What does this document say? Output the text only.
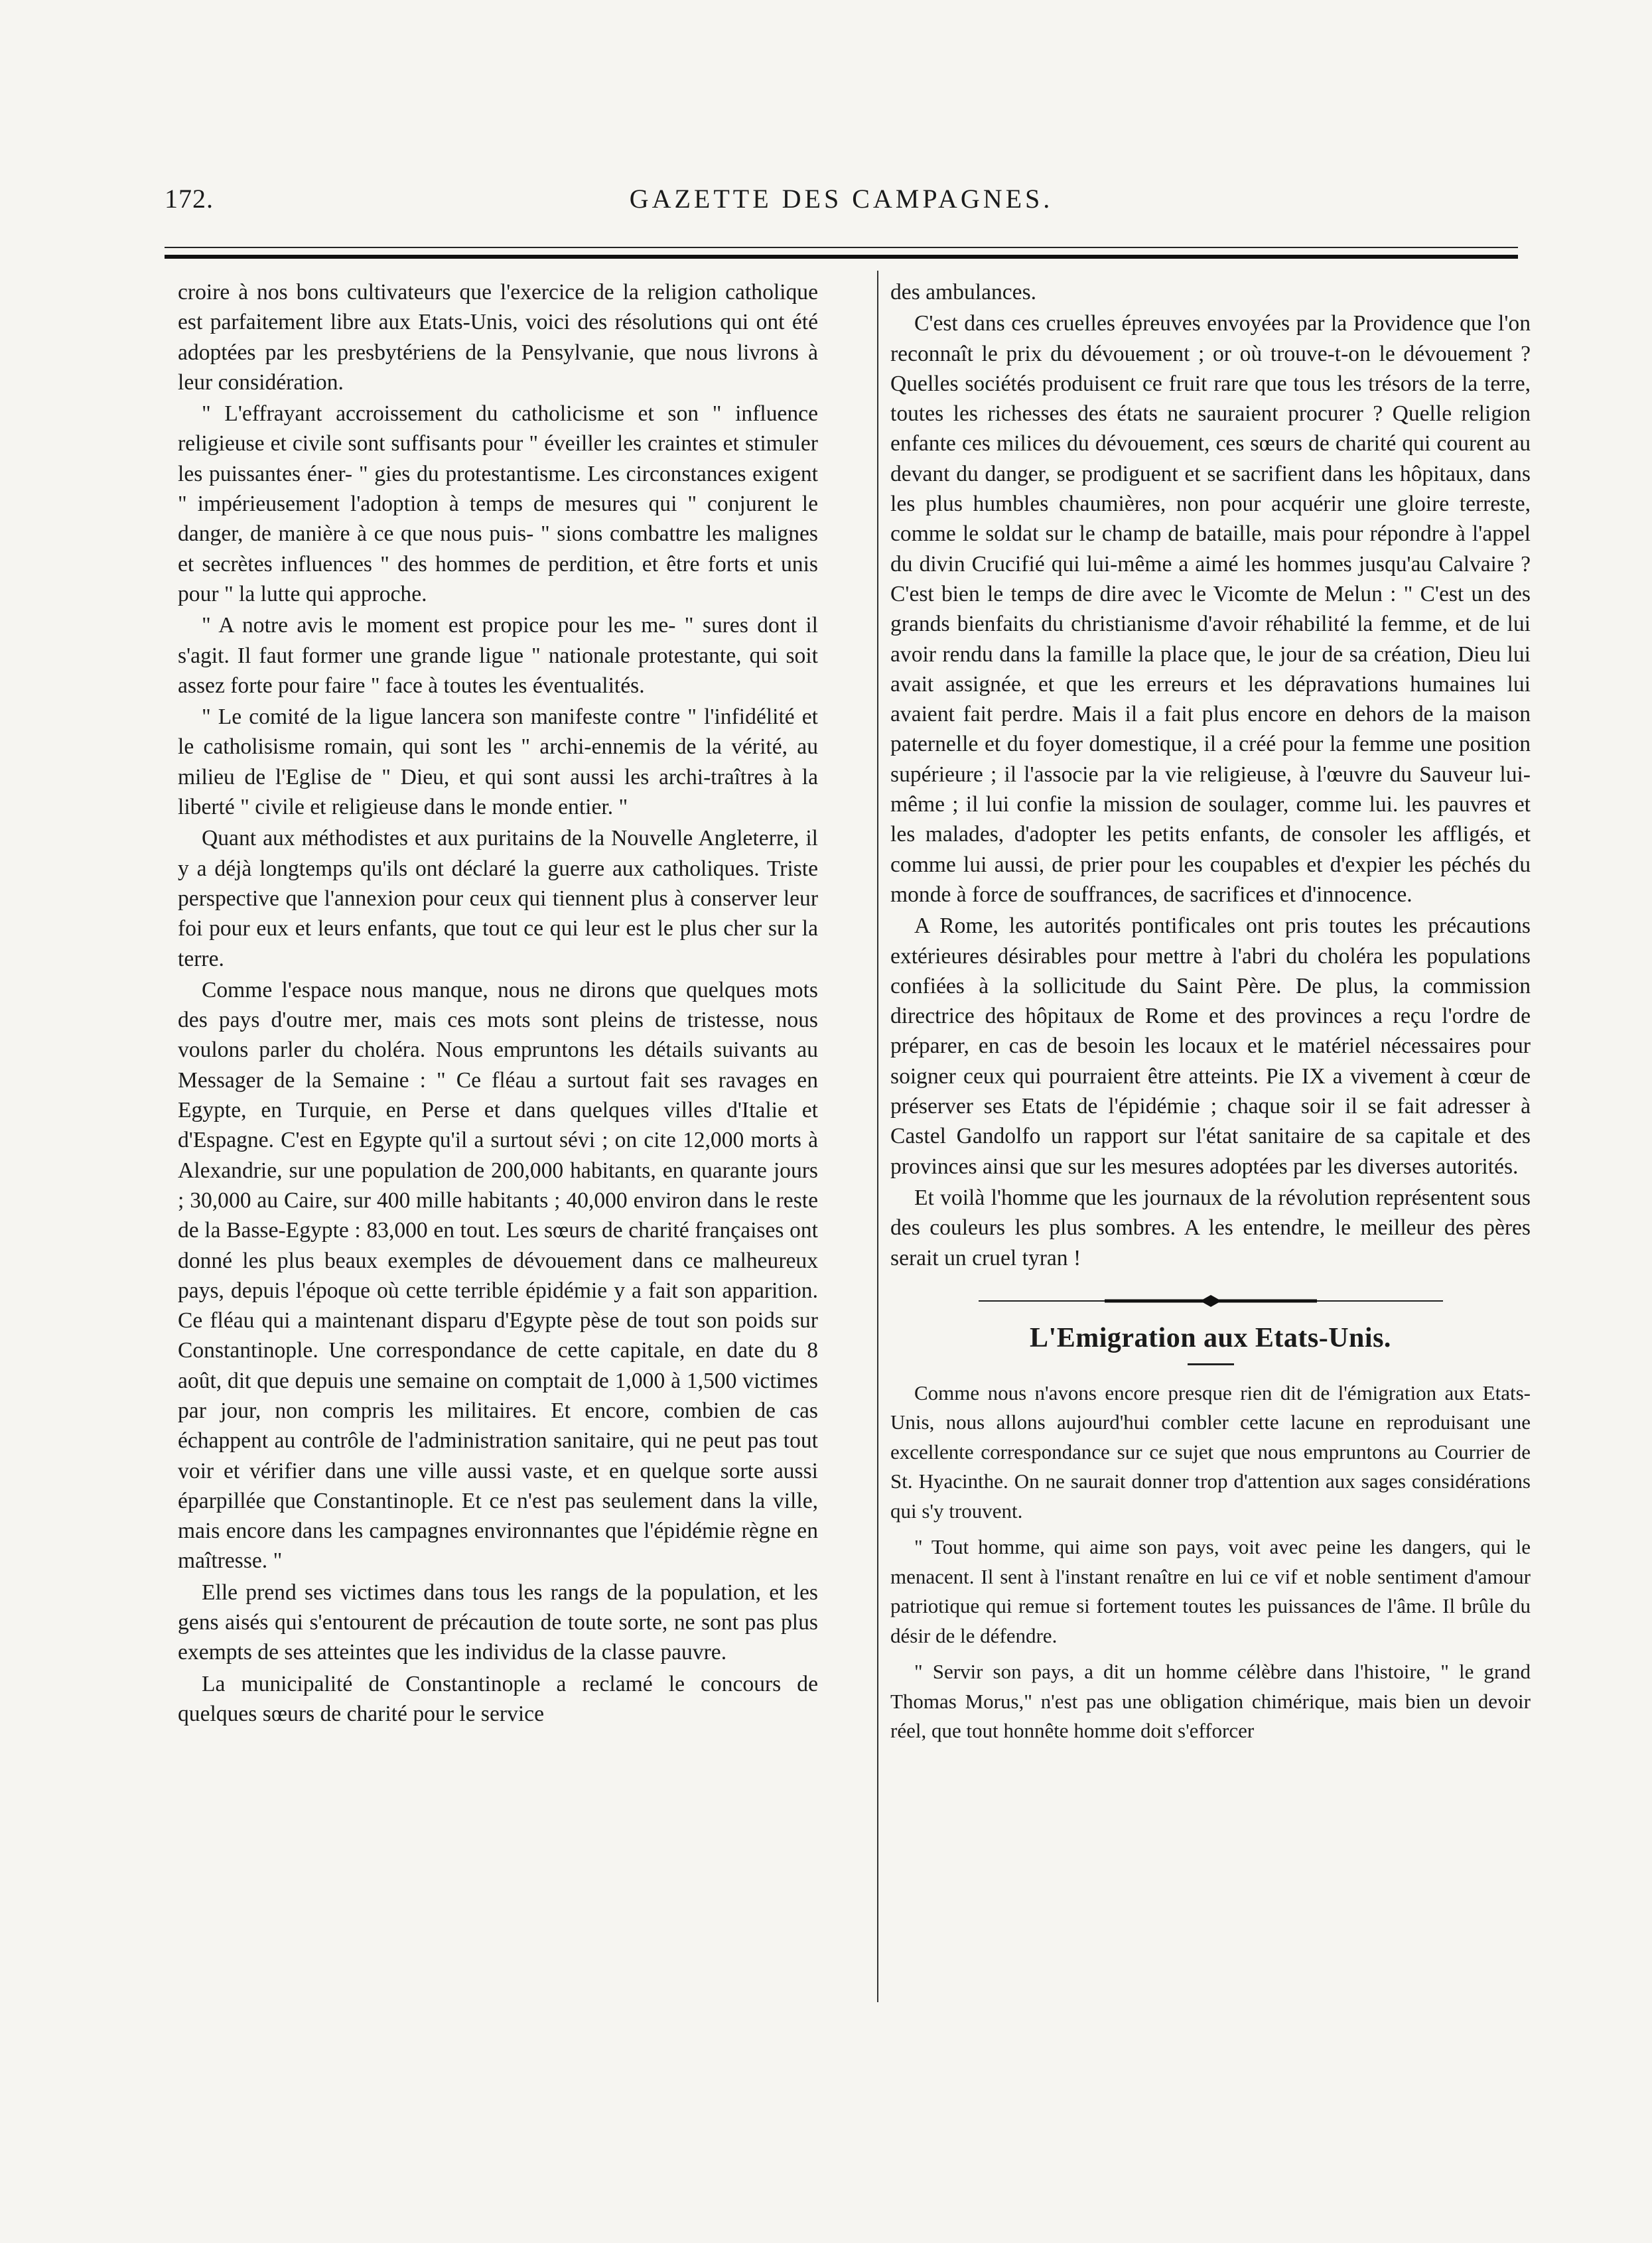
172.	GAZETTE DES CAMPAGNES.

croire à nos bons cultivateurs que l'exercice de la religion catholique est parfaitement libre aux Etats-Unis, voici des résolutions qui ont été adoptées par les presbytériens de la Pensylvanie, que nous livrons à leur considération.

" L'effrayant accroissement du catholicisme et son " influence religieuse et civile sont suffisants pour " éveiller les craintes et stimuler les puissantes éner- " gies du protestantisme. Les circonstances exigent " impérieusement l'adoption à temps de mesures qui " conjurent le danger, de manière à ce que nous puis- " sions combattre les malignes et secrètes influences " des hommes de perdition, et être forts et unis pour " la lutte qui approche.

" A notre avis le moment est propice pour les me- " sures dont il s'agit. Il faut former une grande ligue " nationale protestante, qui soit assez forte pour faire " face à toutes les éventualités.

" Le comité de la ligue lancera son manifeste contre " l'infidélité et le catholisisme romain, qui sont les " archi-ennemis de la vérité, au milieu de l'Eglise de " Dieu, et qui sont aussi les archi-traîtres à la liberté " civile et religieuse dans le monde entier. "

Quant aux méthodistes et aux puritains de la Nouvelle Angleterre, il y a déjà longtemps qu'ils ont déclaré la guerre aux catholiques. Triste perspective que l'annexion pour ceux qui tiennent plus à conserver leur foi pour eux et leurs enfants, que tout ce qui leur est le plus cher sur la terre.

Comme l'espace nous manque, nous ne dirons que quelques mots des pays d'outre mer, mais ces mots sont pleins de tristesse, nous voulons parler du choléra. Nous empruntons les détails suivants au Messager de la Semaine : " Ce fléau a surtout fait ses ravages en Egypte, en Turquie, en Perse et dans quelques villes d'Italie et d'Espagne. C'est en Egypte qu'il a surtout sévi ; on cite 12,000 morts à Alexandrie, sur une population de 200,000 habitants, en quarante jours ; 30,000 au Caire, sur 400 mille habitants ; 40,000 environ dans le reste de la Basse-Egypte : 83,000 en tout. Les sœurs de charité françaises ont donné les plus beaux exemples de dévouement dans ce malheureux pays, depuis l'époque où cette terrible épidémie y a fait son apparition. Ce fléau qui a maintenant disparu d'Egypte pèse de tout son poids sur Constantinople. Une correspondance de cette capitale, en date du 8 août, dit que depuis une semaine on comptait de 1,000 à 1,500 victimes par jour, non compris les militaires. Et encore, combien de cas échappent au contrôle de l'administration sanitaire, qui ne peut pas tout voir et vérifier dans une ville aussi vaste, et en quelque sorte aussi éparpillée que Constantinople. Et ce n'est pas seulement dans la ville, mais encore dans les campagnes environnantes que l'épidémie règne en maîtresse. "

Elle prend ses victimes dans tous les rangs de la population, et les gens aisés qui s'entourent de précaution de toute sorte, ne sont pas plus exempts de ses atteintes que les individus de la classe pauvre.

La municipalité de Constantinople a reclamé le concours de quelques sœurs de charité pour le service

des ambulances.

C'est dans ces cruelles épreuves envoyées par la Providence que l'on reconnaît le prix du dévouement ; or où trouve-t-on le dévouement ? Quelles sociétés produisent ce fruit rare que tous les trésors de la terre, toutes les richesses des états ne sauraient procurer ? Quelle religion enfante ces milices du dévouement, ces sœurs de charité qui courent au devant du danger, se prodiguent et se sacrifient dans les hôpitaux, dans les plus humbles chaumières, non pour acquérir une gloire terreste, comme le soldat sur le champ de bataille, mais pour répondre à l'appel du divin Crucifié qui lui-même a aimé les hommes jusqu'au Calvaire ? C'est bien le temps de dire avec le Vicomte de Melun : " C'est un des grands bienfaits du christianisme d'avoir réhabilité la femme, et de lui avoir rendu dans la famille la place que, le jour de sa création, Dieu lui avait assignée, et que les erreurs et les dépravations humaines lui avaient fait perdre. Mais il a fait plus encore en dehors de la maison paternelle et du foyer domestique, il a créé pour la femme une position supérieure ; il l'associe par la vie religieuse, à l'œuvre du Sauveur lui-même ; il lui confie la mission de soulager, comme lui. les pauvres et les malades, d'adopter les petits enfants, de consoler les affligés, et comme lui aussi, de prier pour les coupables et d'expier les péchés du monde à force de souffrances, de sacrifices et d'innocence.

A Rome, les autorités pontificales ont pris toutes les précautions extérieures désirables pour mettre à l'abri du choléra les populations confiées à la sollicitude du Saint Père. De plus, la commission directrice des hôpitaux de Rome et des provinces a reçu l'ordre de préparer, en cas de besoin les locaux et le matériel nécessaires pour soigner ceux qui pourraient être atteints. Pie IX a vivement à cœur de préserver ses Etats de l'épidémie ; chaque soir il se fait adresser à Castel Gandolfo un rapport sur l'état sanitaire de sa capitale et des provinces ainsi que sur les mesures adoptées par les diverses autorités.

Et voilà l'homme que les journaux de la révolution représentent sous des couleurs les plus sombres. A les entendre, le meilleur des pères serait un cruel tyran !

L'Emigration aux Etats-Unis.

Comme nous n'avons encore presque rien dit de l'émigration aux Etats-Unis, nous allons aujourd'hui combler cette lacune en reproduisant une excellente correspondance sur ce sujet que nous empruntons au Courrier de St. Hyacinthe. On ne saurait donner trop d'attention aux sages considérations qui s'y trouvent.

" Tout homme, qui aime son pays, voit avec peine les dangers, qui le menacent. Il sent à l'instant renaître en lui ce vif et noble sentiment d'amour patriotique qui remue si fortement toutes les puissances de l'âme. Il brûle du désir de le défendre.

" Servir son pays, a dit un homme célèbre dans l'histoire, " le grand Thomas Morus," n'est pas une obligation chimérique, mais bien un devoir réel, que tout honnête homme doit s'efforcer
